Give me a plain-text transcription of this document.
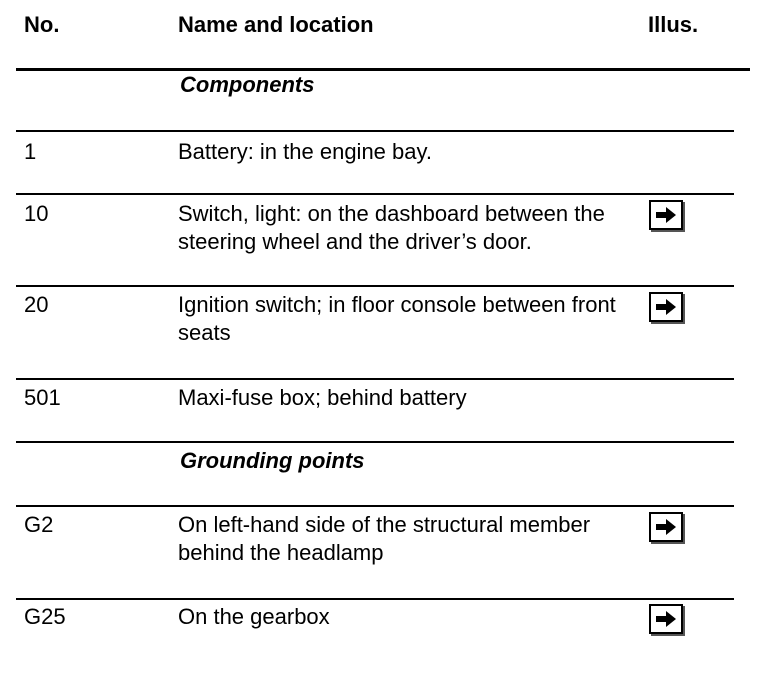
No.	Name and location	Illus.
Components
1	Battery: in the engine bay.
10	Switch, light: on the dashboard between the steering wheel and the driver’s door.
20	Ignition switch; in floor console between front seats
501	Maxi-fuse box; behind battery
Grounding points
G2	On left-hand side of the structural member behind the headlamp
G25	On the gearbox
